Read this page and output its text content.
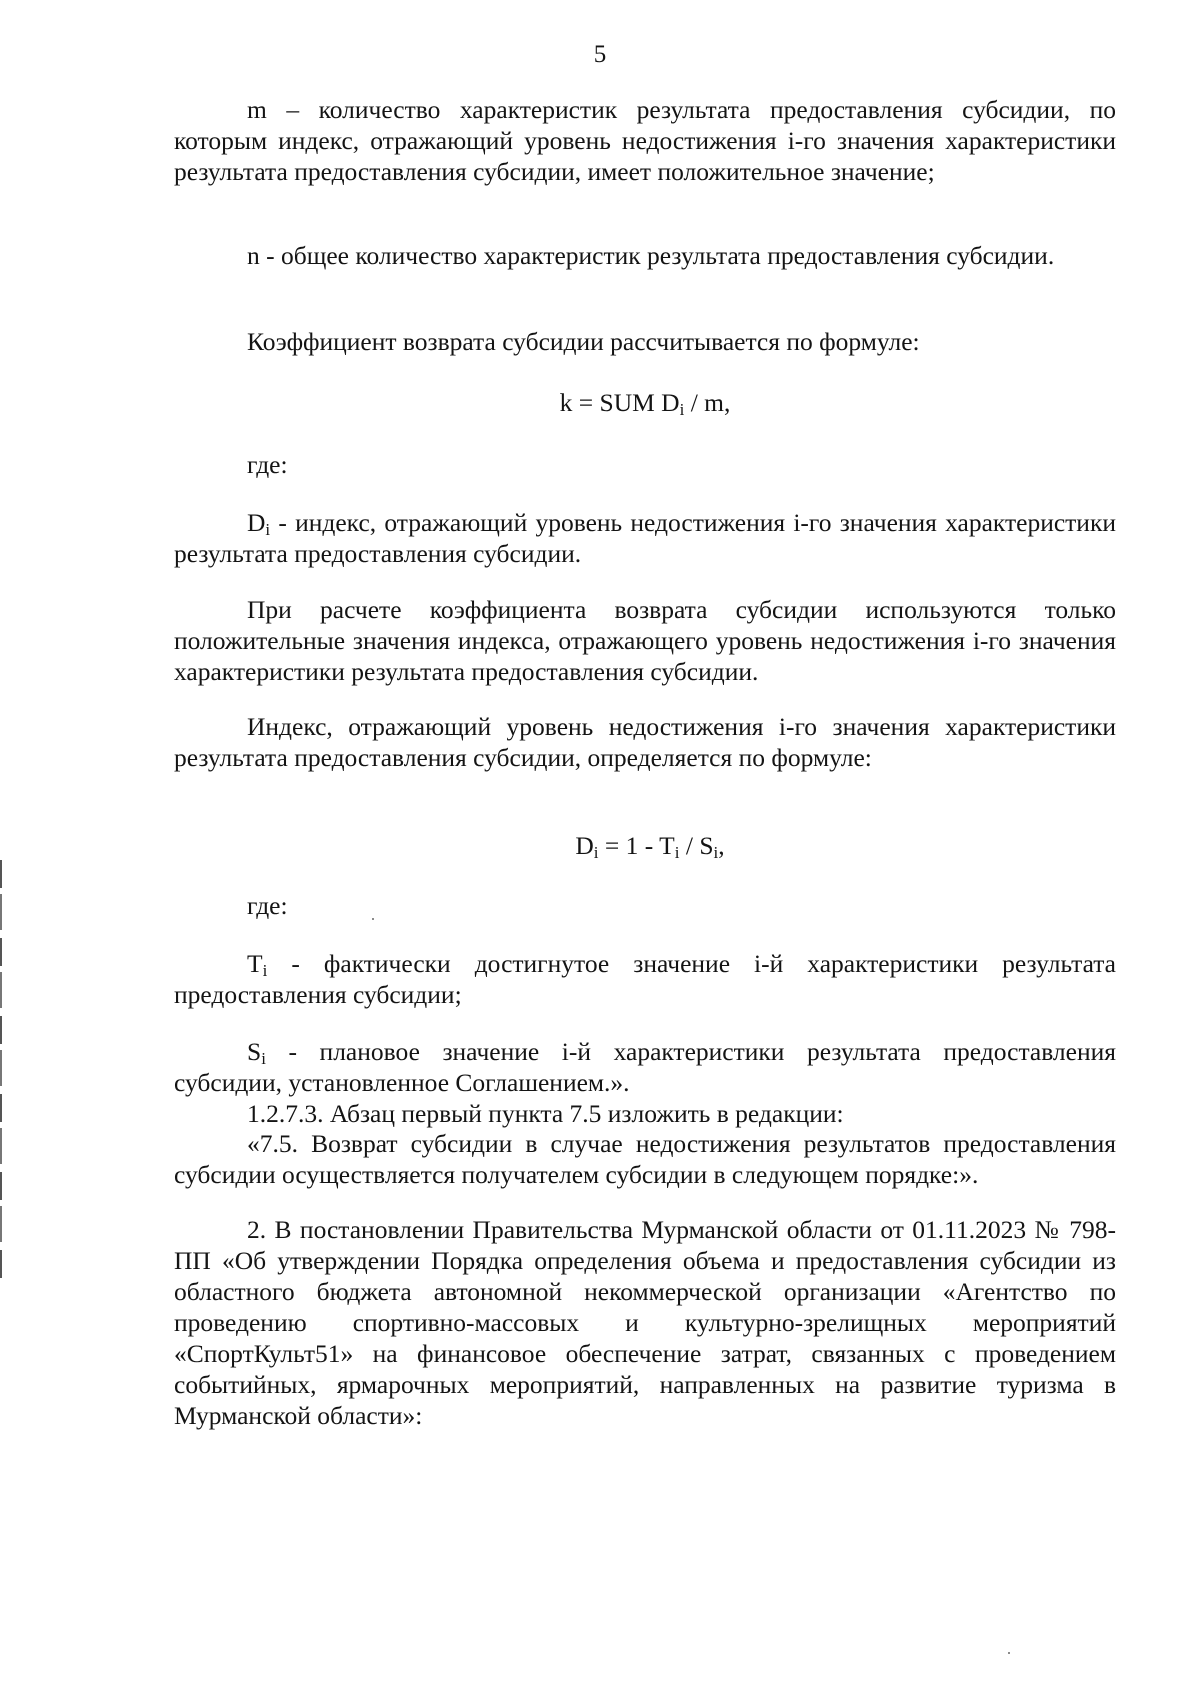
5

m – количество характеристик результата предоставления субсидии, по которым индекс, отражающий уровень недостижения i-го значения характеристики результата предоставления субсидии, имеет положительное значение;

n - общее количество характеристик результата предоставления субсидии.

Коэффициент возврата субсидии рассчитывается по формуле:

k = SUM $D_i$ / m,

где:

$D_i$ - индекс, отражающий уровень недостижения i-го значения характеристики результата предоставления субсидии.

При расчете коэффициента возврата субсидии используются только положительные значения индекса, отражающего уровень недостижения i-го значения характеристики результата предоставления субсидии.

Индекс, отражающий уровень недостижения i-го значения характеристики результата предоставления субсидии, определяется по формуле:

$D_i = 1 - T_i / S_i$,

где:

$T_i$ - фактически достигнутое значение i-й характеристики результата предоставления субсидии;

$S_i$ - плановое значение i-й характеристики результата предоставления субсидии, установленное Соглашением.».

1.2.7.3. Абзац первый пункта 7.5 изложить в редакции:

«7.5. Возврат субсидии в случае недостижения результатов предоставления субсидии осуществляется получателем субсидии в следующем порядке:».

2. В постановлении Правительства Мурманской области от 01.11.2023 № 798-ПП «Об утверждении Порядка определения объема и предоставления субсидии из областного бюджета автономной некоммерческой организации «Агентство по проведению спортивно-массовых и культурно-зрелищных мероприятий «СпортКульт51» на финансовое обеспечение затрат, связанных с проведением событийных, ярмарочных мероприятий, направленных на развитие туризма в Мурманской области»:
